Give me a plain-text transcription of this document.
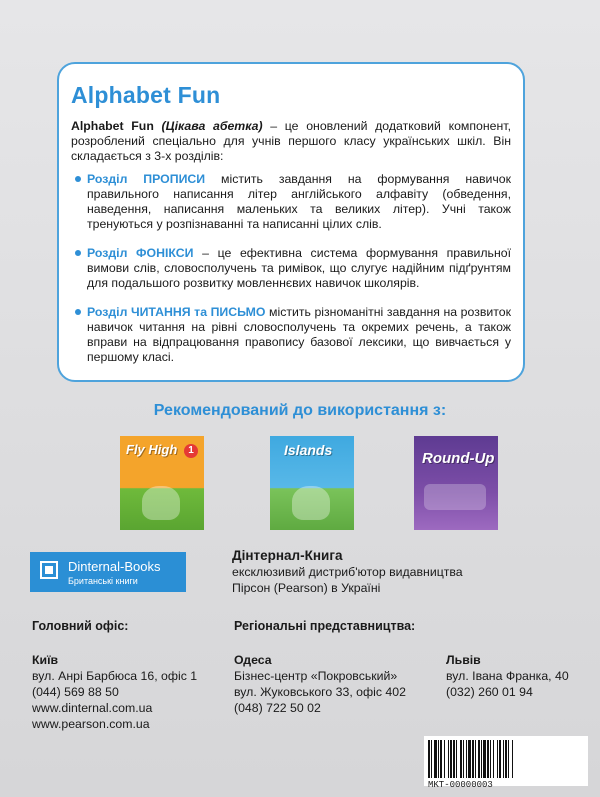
Alphabet Fun

Alphabet Fun (Цікава абетка) – це оновлений додатковий компонент, розроблений спеціально для учнів першого класу українських шкіл. Він складається з 3-х розділів:

Розділ ПРОПИСИ містить завдання на формування навичок правильного написання літер англійського алфавіту (обведення, наведення, написання маленьких та великих літер). Учні також тренуються у розпізнаванні та написанні цілих слів.
Розділ ФОНІКСИ – це ефективна система формування правильної вимови слів, словосполучень та римівок, що слугує надійним підґрунтям для подальшого розвитку мовленнєвих навичок школярів.
Розділ ЧИТАННЯ та ПИСЬМО містить різноманітні завдання на розвиток навичок читання на рівні словосполучень та окремих речень, а також вправи на відпрацювання правопису базової лексики, що вивчається у першому класі.
Рекомендований до використання з:
Fly High	1	Islands	Round-Up
Dinternal-Books
Британські книги
Дінтернал-Книга
ексклюзивий дистриб'ютор видавництва
Пірсон (Pearson) в Україні
Головний офіс:	Регіональні представництва:
Київ
вул. Анрі Барбюса 16, офіс 1
(044) 569 88 50
www.dinternal.com.ua
www.pearson.com.ua
Одеса
Бізнес-центр «Покровський»
вул. Жуковського 33, офіс 402
(048) 722 50 02
Львів
вул. Івана Франка, 40
(032) 260 01 94
MKT-00000003
